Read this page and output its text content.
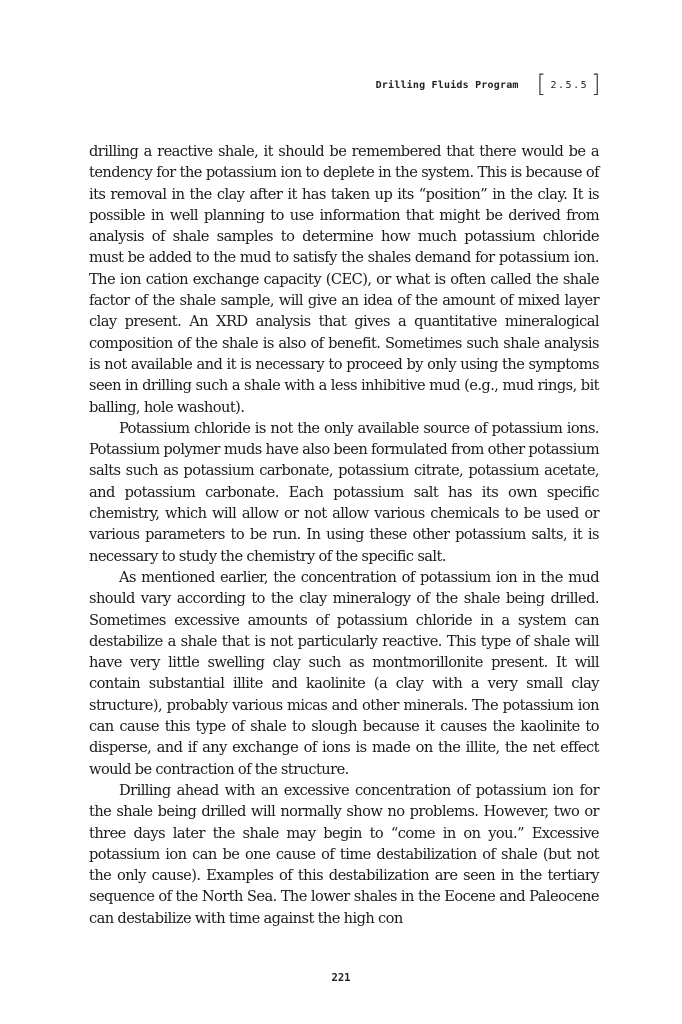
Drilling Fluids Program [ 2.5.5 ]

drilling a reactive shale, it should be remembered that there would be a tendency for the potassium ion to deplete in the system. This is because of its removal in the clay after it has taken up its “position” in the clay. It is possible in well planning to use information that might be derived from analysis of shale samples to determine how much potassium chloride must be added to the mud to satisfy the shales demand for potassium ion. The ion cation exchange capacity (CEC), or what is often called the shale factor of the shale sample, will give an idea of the amount of mixed layer clay present. An XRD analysis that gives a quantitative mineralogical composition of the shale is also of benefit. Sometimes such shale analysis is not available and it is necessary to proceed by only using the symptoms seen in drilling such a shale with a less inhibitive mud (e.g., mud rings, bit balling, hole washout).

Potassium chloride is not the only available source of potassium ions. Potassium polymer muds have also been formulated from other potassium salts such as potassium carbonate, potassium citrate, potassium acetate, and potassium carbonate. Each potassium salt has its own specific chemistry, which will allow or not allow various chemicals to be used or various parameters to be run. In using these other potassium salts, it is necessary to study the chemistry of the specific salt.

As mentioned earlier, the concentration of potassium ion in the mud should vary according to the clay mineralogy of the shale being drilled. Sometimes excessive amounts of potassium chloride in a system can destabilize a shale that is not particularly reactive. This type of shale will have very little swelling clay such as montmorillonite present. It will contain substantial illite and kaolinite (a clay with a very small clay structure), probably various micas and other minerals. The potassium ion can cause this type of shale to slough because it causes the kaolinite to disperse, and if any exchange of ions is made on the illite, the net effect would be contraction of the structure.

Drilling ahead with an excessive concentration of potassium ion for the shale being drilled will normally show no problems. However, two or three days later the shale may begin to “come in on you.” Excessive potassium ion can be one cause of time destabilization of shale (but not the only cause). Examples of this destabilization are seen in the tertiary sequence of the North Sea. The lower shales in the Eocene and Paleocene can destabilize with time against the high con

221
